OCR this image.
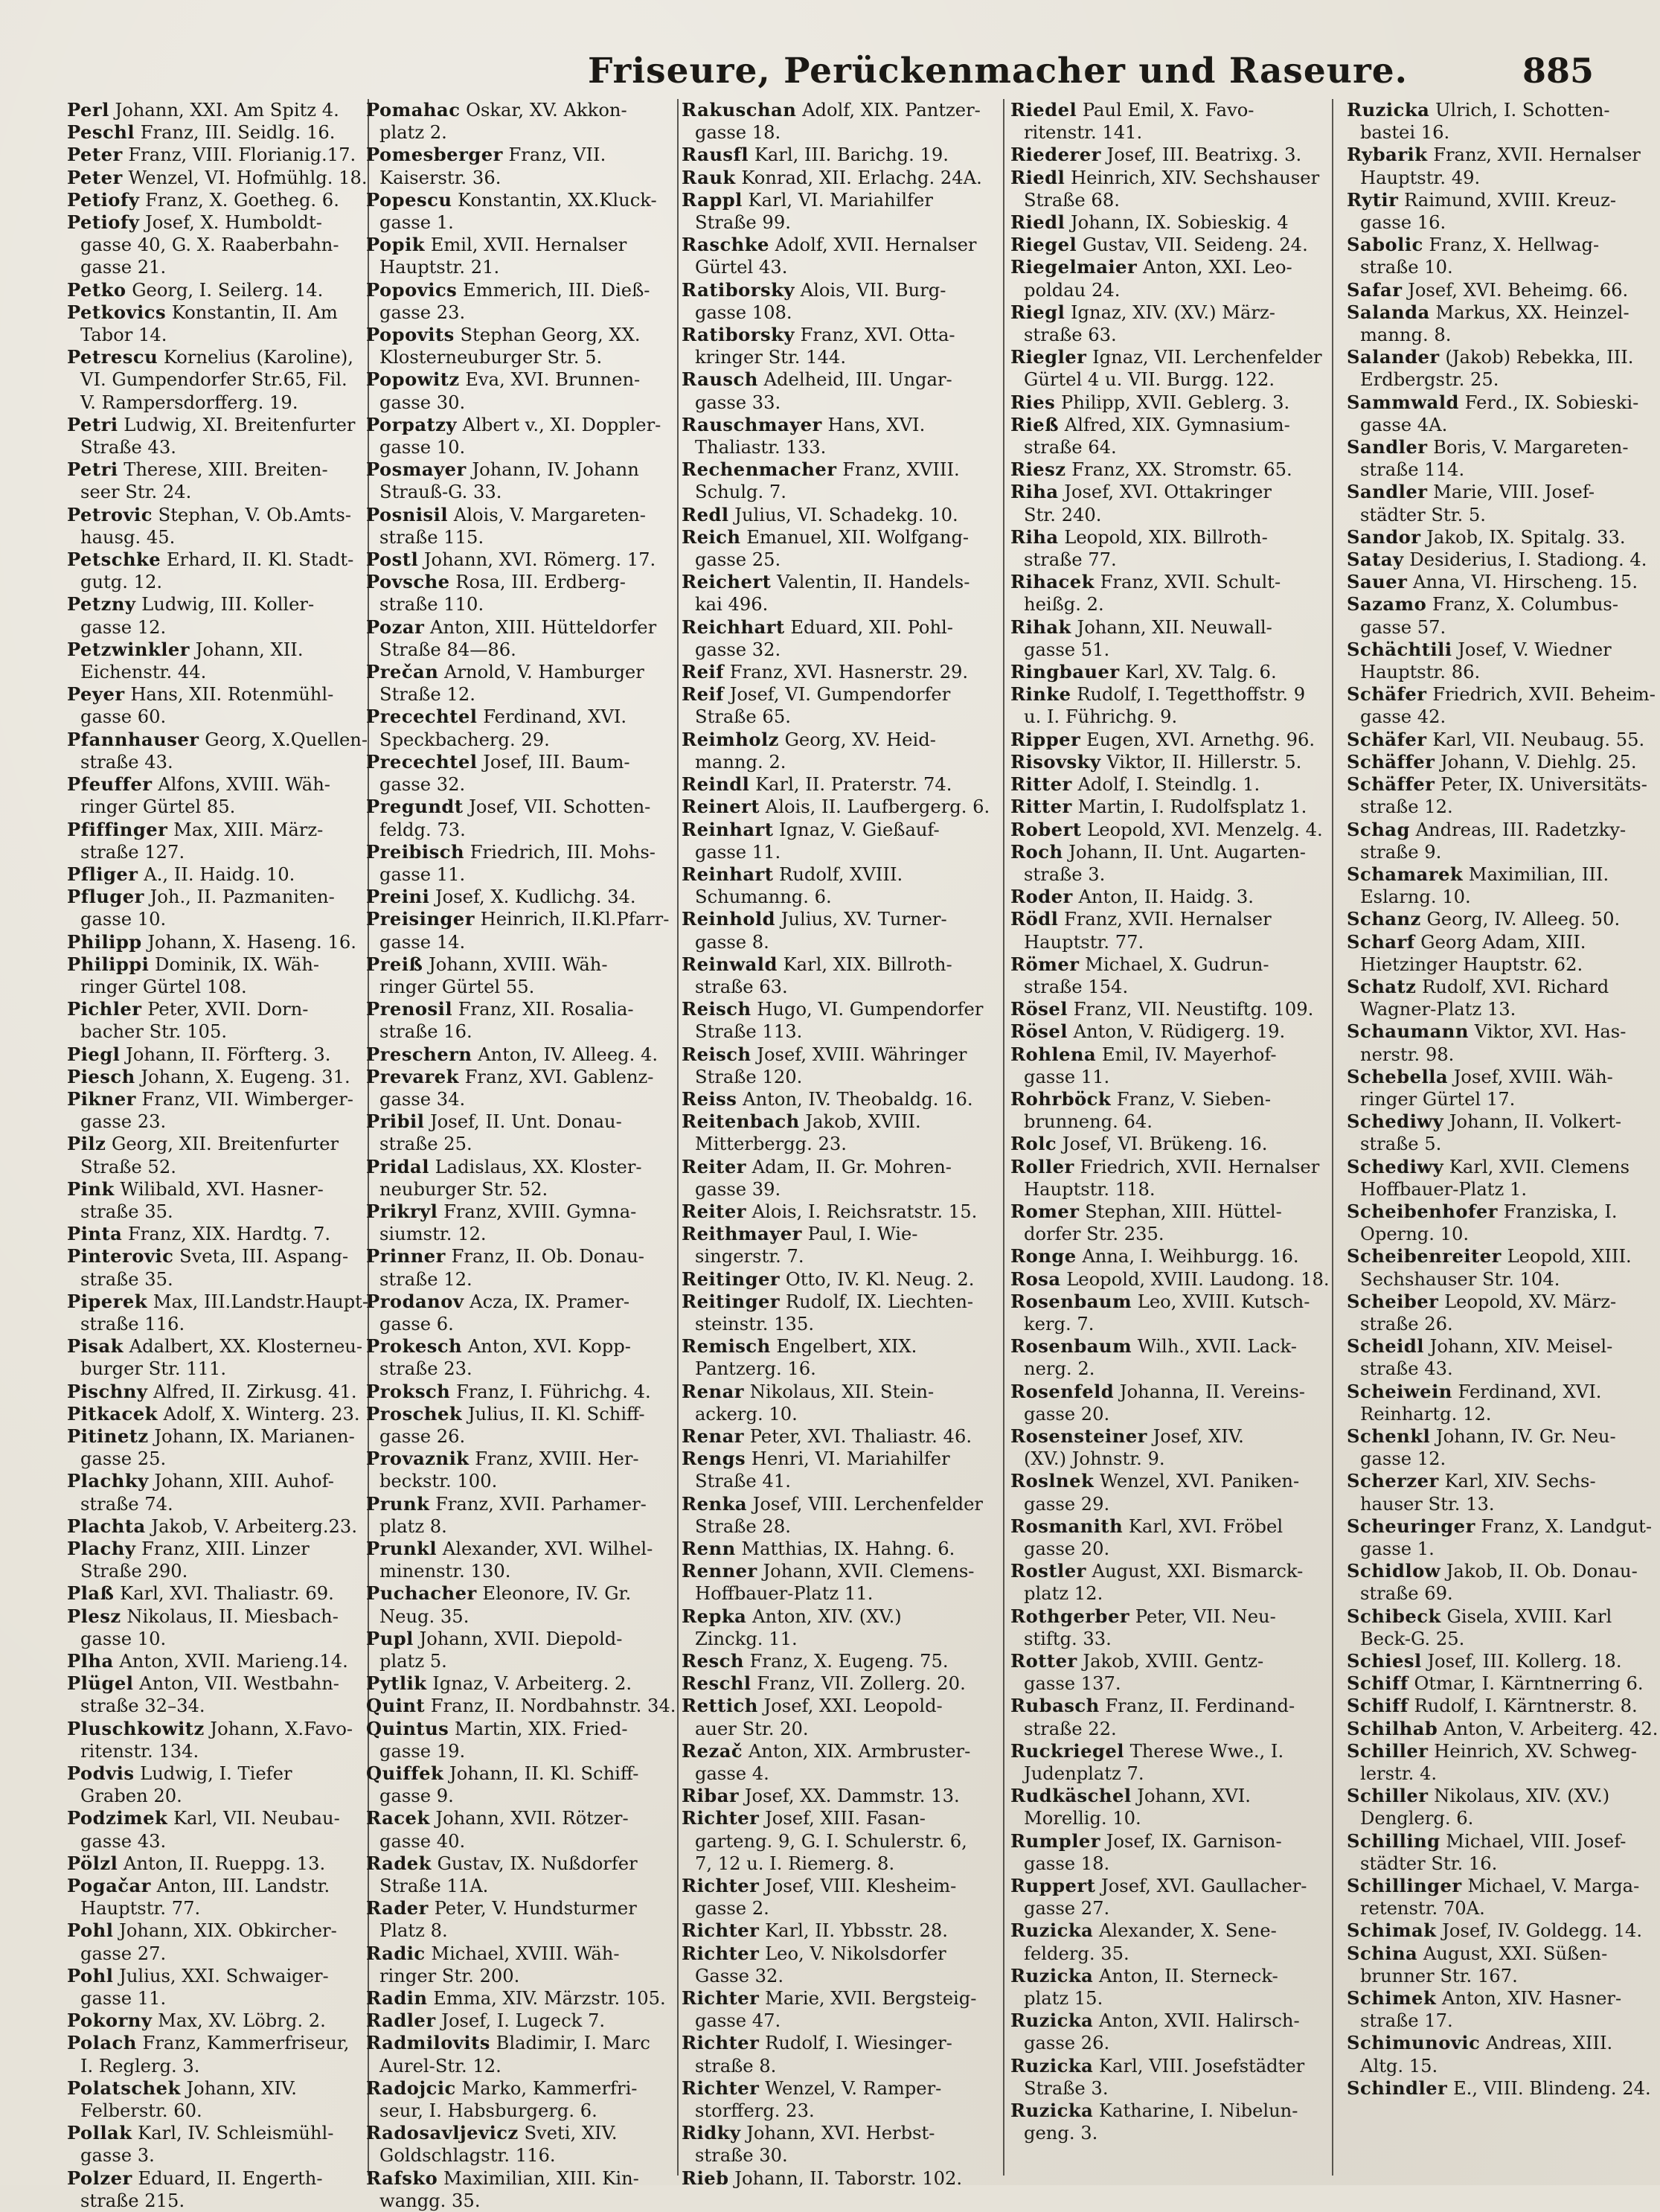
Friseure, Perückenmacher und Raseure.	885
Perl Johann, XXI. Am Spitz 4.
Peschl Franz, III. Seidlg. 16.
Peter Franz, VIII. Florianig.17.
Peter Wenzel, VI. Hofmühlg. 18.
Petiofy Franz, X. Goetheg. 6.
Petiofy Josef, X. Humboldt-
gasse 40, G. X. Raaberbahn-
gasse 21.
Petko Georg, I. Seilerg. 14.
Petkovics Konstantin, II. Am
Tabor 14.
Petrescu Kornelius (Karoline),
VI. Gumpendorfer Str.65, Fil.
V. Rampersdorfferg. 19.
Petri Ludwig, XI. Breitenfurter
Straße 43.
Petri Therese, XIII. Breiten-
seer Str. 24.
Petrovic Stephan, V. Ob.Amts-
hausg. 45.
Petschke Erhard, II. Kl. Stadt-
gutg. 12.
Petzny Ludwig, III. Koller-
gasse 12.
Petzwinkler Johann, XII.
Eichenstr. 44.
Peyer Hans, XII. Rotenmühl-
gasse 60.
Pfannhauser Georg, X.Quellen-
straße 43.
Pfeuffer Alfons, XVIII. Wäh-
ringer Gürtel 85.
Pfiffinger Max, XIII. März-
straße 127.
Pfliger A., II. Haidg. 10.
Pfluger Joh., II. Pazmaniten-
gasse 10.
Philipp Johann, X. Haseng. 16.
Philippi Dominik, IX. Wäh-
ringer Gürtel 108.
Pichler Peter, XVII. Dorn-
bacher Str. 105.
Piegl Johann, II. Förfterg. 3.
Piesch Johann, X. Eugeng. 31.
Pikner Franz, VII. Wimberger-
gasse 23.
Pilz Georg, XII. Breitenfurter
Straße 52.
Pink Wilibald, XVI. Hasner-
straße 35.
Pinta Franz, XIX. Hardtg. 7.
Pinterovic Sveta, III. Aspang-
straße 35.
Piperek Max, III.Landstr.Haupt-
straße 116.
Pisak Adalbert, XX. Klosterneu-
burger Str. 111.
Pischny Alfred, II. Zirkusg. 41.
Pitkacek Adolf, X. Winterg. 23.
Pitinetz Johann, IX. Marianen-
gasse 25.
Plachky Johann, XIII. Auhof-
straße 74.
Plachta Jakob, V. Arbeiterg.23.
Plachy Franz, XIII. Linzer
Straße 290.
Plaß Karl, XVI. Thaliastr. 69.
Plesz Nikolaus, II. Miesbach-
gasse 10.
Plha Anton, XVII. Marieng.14.
Plügel Anton, VII. Westbahn-
straße 32–34.
Pluschkowitz Johann, X.Favo-
ritenstr. 134.
Podvis Ludwig, I. Tiefer
Graben 20.
Podzimek Karl, VII. Neubau-
gasse 43.
Pölzl Anton, II. Rueppg. 13.
Pogačar Anton, III. Landstr.
Hauptstr. 77.
Pohl Johann, XIX. Obkircher-
gasse 27.
Pohl Julius, XXI. Schwaiger-
gasse 11.
Pokorny Max, XV. Löbrg. 2.
Polach Franz, Kammerfriseur,
I. Reglerg. 3.
Polatschek Johann, XIV.
Felberstr. 60.
Pollak Karl, IV. Schleismühl-
gasse 3.
Polzer Eduard, II. Engerth-
straße 215.
Pomahac Oskar, XV. Akkon-
platz 2.
Pomesberger Franz, VII.
Kaiserstr. 36.
Popescu Konstantin, XX.Kluck-
gasse 1.
Popik Emil, XVII. Hernalser
Hauptstr. 21.
Popovics Emmerich, III. Dieß-
gasse 23.
Popovits Stephan Georg, XX.
Klosterneuburger Str. 5.
Popowitz Eva, XVI. Brunnen-
gasse 30.
Porpatzy Albert v., XI. Doppler-
gasse 10.
Posmayer Johann, IV. Johann
Strauß-G. 33.
Posnisil Alois, V. Margareten-
straße 115.
Postl Johann, XVI. Römerg. 17.
Povsche Rosa, III. Erdberg-
straße 110.
Pozar Anton, XIII. Hütteldorfer
Straße 84—86.
Prečan Arnold, V. Hamburger
Straße 12.
Precechtel Ferdinand, XVI.
Speckbacherg. 29.
Precechtel Josef, III. Baum-
gasse 32.
Pregundt Josef, VII. Schotten-
feldg. 73.
Preibisch Friedrich, III. Mohs-
gasse 11.
Preini Josef, X. Kudlichg. 34.
Preisinger Heinrich, II.Kl.Pfarr-
gasse 14.
Preiß Johann, XVIII. Wäh-
ringer Gürtel 55.
Prenosil Franz, XII. Rosalia-
straße 16.
Preschern Anton, IV. Alleeg. 4.
Prevarek Franz, XVI. Gablenz-
gasse 34.
Pribil Josef, II. Unt. Donau-
straße 25.
Pridal Ladislaus, XX. Kloster-
neuburger Str. 52.
Prikryl Franz, XVIII. Gymna-
siumstr. 12.
Prinner Franz, II. Ob. Donau-
straße 12.
Prodanov Acza, IX. Pramer-
gasse 6.
Prokesch Anton, XVI. Kopp-
straße 23.
Proksch Franz, I. Führichg. 4.
Proschek Julius, II. Kl. Schiff-
gasse 26.
Provaznik Franz, XVIII. Her-
beckstr. 100.
Prunk Franz, XVII. Parhamer-
platz 8.
Prunkl Alexander, XVI. Wilhel-
minenstr. 130.
Puchacher Eleonore, IV. Gr.
Neug. 35.
Pupl Johann, XVII. Diepold-
platz 5.
Pytlik Ignaz, V. Arbeiterg. 2.
Quint Franz, II. Nordbahnstr. 34.
Quintus Martin, XIX. Fried-
gasse 19.
Quiffek Johann, II. Kl. Schiff-
gasse 9.
Racek Johann, XVII. Rötzer-
gasse 40.
Radek Gustav, IX. Nußdorfer
Straße 11A.
Rader Peter, V. Hundsturmer
Platz 8.
Radic Michael, XVIII. Wäh-
ringer Str. 200.
Radin Emma, XIV. Märzstr. 105.
Radler Josef, I. Lugeck 7.
Radmilovits Bladimir, I. Marc
Aurel-Str. 12.
Radojcic Marko, Kammerfri-
seur, I. Habsburgerg. 6.
Radosavljevicz Sveti, XIV.
Goldschlagstr. 116.
Rafsko Maximilian, XIII. Kin-
wangg. 35.
Rakuschan Adolf, XIX. Pantzer-
gasse 18.
Rausfl Karl, III. Barichg. 19.
Rauk Konrad, XII. Erlachg. 24A.
Rappl Karl, VI. Mariahilfer
Straße 99.
Raschke Adolf, XVII. Hernalser
Gürtel 43.
Ratiborsky Alois, VII. Burg-
gasse 108.
Ratiborsky Franz, XVI. Otta-
kringer Str. 144.
Rausch Adelheid, III. Ungar-
gasse 33.
Rauschmayer Hans, XVI.
Thaliastr. 133.
Rechenmacher Franz, XVIII.
Schulg. 7.
Redl Julius, VI. Schadekg. 10.
Reich Emanuel, XII. Wolfgang-
gasse 25.
Reichert Valentin, II. Handels-
kai 496.
Reichhart Eduard, XII. Pohl-
gasse 32.
Reif Franz, XVI. Hasnerstr. 29.
Reif Josef, VI. Gumpendorfer
Straße 65.
Reimholz Georg, XV. Heid-
manng. 2.
Reindl Karl, II. Praterstr. 74.
Reinert Alois, II. Laufbergerg. 6.
Reinhart Ignaz, V. Gießauf-
gasse 11.
Reinhart Rudolf, XVIII.
Schumanng. 6.
Reinhold Julius, XV. Turner-
gasse 8.
Reinwald Karl, XIX. Billroth-
straße 63.
Reisch Hugo, VI. Gumpendorfer
Straße 113.
Reisch Josef, XVIII. Währinger
Straße 120.
Reiss Anton, IV. Theobaldg. 16.
Reitenbach Jakob, XVIII.
Mitterbergg. 23.
Reiter Adam, II. Gr. Mohren-
gasse 39.
Reiter Alois, I. Reichsratstr. 15.
Reithmayer Paul, I. Wie-
singerstr. 7.
Reitinger Otto, IV. Kl. Neug. 2.
Reitinger Rudolf, IX. Liechten-
steinstr. 135.
Remisch Engelbert, XIX.
Pantzerg. 16.
Renar Nikolaus, XII. Stein-
ackerg. 10.
Renar Peter, XVI. Thaliastr. 46.
Rengs Henri, VI. Mariahilfer
Straße 41.
Renka Josef, VIII. Lerchenfelder
Straße 28.
Renn Matthias, IX. Hahng. 6.
Renner Johann, XVII. Clemens-
Hoffbauer-Platz 11.
Repka Anton, XIV. (XV.)
Zinckg. 11.
Resch Franz, X. Eugeng. 75.
Reschl Franz, VII. Zollerg. 20.
Rettich Josef, XXI. Leopold-
auer Str. 20.
Rezač Anton, XIX. Armbruster-
gasse 4.
Ribar Josef, XX. Dammstr. 13.
Richter Josef, XIII. Fasan-
garteng. 9, G. I. Schulerstr. 6,
7, 12 u. I. Riemerg. 8.
Richter Josef, VIII. Klesheim-
gasse 2.
Richter Karl, II. Ybbsstr. 28.
Richter Leo, V. Nikolsdorfer
Gasse 32.
Richter Marie, XVII. Bergsteig-
gasse 47.
Richter Rudolf, I. Wiesinger-
straße 8.
Richter Wenzel, V. Ramper-
storfferg. 23.
Ridky Johann, XVI. Herbst-
straße 30.
Rieb Johann, II. Taborstr. 102.
Riedel Paul Emil, X. Favo-
ritenstr. 141.
Riederer Josef, III. Beatrixg. 3.
Riedl Heinrich, XIV. Sechshauser
Straße 68.
Riedl Johann, IX. Sobieskig. 4
Riegel Gustav, VII. Seideng. 24.
Riegelmaier Anton, XXI. Leo-
poldau 24.
Riegl Ignaz, XIV. (XV.) März-
straße 63.
Riegler Ignaz, VII. Lerchenfelder
Gürtel 4 u. VII. Burgg. 122.
Ries Philipp, XVII. Geblerg. 3.
Rieß Alfred, XIX. Gymnasium-
straße 64.
Riesz Franz, XX. Stromstr. 65.
Riha Josef, XVI. Ottakringer
Str. 240.
Riha Leopold, XIX. Billroth-
straße 77.
Rihacek Franz, XVII. Schult-
heißg. 2.
Rihak Johann, XII. Neuwall-
gasse 51.
Ringbauer Karl, XV. Talg. 6.
Rinke Rudolf, I. Tegetthoffstr. 9
u. I. Führichg. 9.
Ripper Eugen, XVI. Arnethg. 96.
Risovsky Viktor, II. Hillerstr. 5.
Ritter Adolf, I. Steindlg. 1.
Ritter Martin, I. Rudolfsplatz 1.
Robert Leopold, XVI. Menzelg. 4.
Roch Johann, II. Unt. Augarten-
straße 3.
Roder Anton, II. Haidg. 3.
Rödl Franz, XVII. Hernalser
Hauptstr. 77.
Römer Michael, X. Gudrun-
straße 154.
Rösel Franz, VII. Neustiftg. 109.
Rösel Anton, V. Rüdigerg. 19.
Rohlena Emil, IV. Mayerhof-
gasse 11.
Rohrböck Franz, V. Sieben-
brunneng. 64.
Rolc Josef, VI. Brükeng. 16.
Roller Friedrich, XVII. Hernalser
Hauptstr. 118.
Romer Stephan, XIII. Hüttel-
dorfer Str. 235.
Ronge Anna, I. Weihburgg. 16.
Rosa Leopold, XVIII. Laudong. 18.
Rosenbaum Leo, XVIII. Kutsch-
kerg. 7.
Rosenbaum Wilh., XVII. Lack-
nerg. 2.
Rosenfeld Johanna, II. Vereins-
gasse 20.
Rosensteiner Josef, XIV.
(XV.) Johnstr. 9.
Roslnek Wenzel, XVI. Paniken-
gasse 29.
Rosmanith Karl, XVI. Fröbel
gasse 20.
Rostler August, XXI. Bismarck-
platz 12.
Rothgerber Peter, VII. Neu-
stiftg. 33.
Rotter Jakob, XVIII. Gentz-
gasse 137.
Rubasch Franz, II. Ferdinand-
straße 22.
Ruckriegel Therese Wwe., I.
Judenplatz 7.
Rudkäschel Johann, XVI.
Morellig. 10.
Rumpler Josef, IX. Garnison-
gasse 18.
Ruppert Josef, XVI. Gaullacher-
gasse 27.
Ruzicka Alexander, X. Sene-
felderg. 35.
Ruzicka Anton, II. Sterneck-
platz 15.
Ruzicka Anton, XVII. Halirsch-
gasse 26.
Ruzicka Karl, VIII. Josefstädter
Straße 3.
Ruzicka Katharine, I. Nibelun-
geng. 3.
Ruzicka Ulrich, I. Schotten-
bastei 16.
Rybarik Franz, XVII. Hernalser
Hauptstr. 49.
Rytir Raimund, XVIII. Kreuz-
gasse 16.
Sabolic Franz, X. Hellwag-
straße 10.
Safar Josef, XVI. Beheimg. 66.
Salanda Markus, XX. Heinzel-
manng. 8.
Salander (Jakob) Rebekka, III.
Erdbergstr. 25.
Sammwald Ferd., IX. Sobieski-
gasse 4A.
Sandler Boris, V. Margareten-
straße 114.
Sandler Marie, VIII. Josef-
städter Str. 5.
Sandor Jakob, IX. Spitalg. 33.
Satay Desiderius, I. Stadiong. 4.
Sauer Anna, VI. Hirscheng. 15.
Sazamo Franz, X. Columbus-
gasse 57.
Schächtili Josef, V. Wiedner
Hauptstr. 86.
Schäfer Friedrich, XVII. Beheim-
gasse 42.
Schäfer Karl, VII. Neubaug. 55.
Schäffer Johann, V. Diehlg. 25.
Schäffer Peter, IX. Universitäts-
straße 12.
Schag Andreas, III. Radetzky-
straße 9.
Schamarek Maximilian, III.
Eslarng. 10.
Schanz Georg, IV. Alleeg. 50.
Scharf Georg Adam, XIII.
Hietzinger Hauptstr. 62.
Schatz Rudolf, XVI. Richard
Wagner-Platz 13.
Schaumann Viktor, XVI. Has-
nerstr. 98.
Schebella Josef, XVIII. Wäh-
ringer Gürtel 17.
Schediwy Johann, II. Volkert-
straße 5.
Schediwy Karl, XVII. Clemens
Hoffbauer-Platz 1.
Scheibenhofer Franziska, I.
Operng. 10.
Scheibenreiter Leopold, XIII.
Sechshauser Str. 104.
Scheiber Leopold, XV. März-
straße 26.
Scheidl Johann, XIV. Meisel-
straße 43.
Scheiwein Ferdinand, XVI.
Reinhartg. 12.
Schenkl Johann, IV. Gr. Neu-
gasse 12.
Scherzer Karl, XIV. Sechs-
hauser Str. 13.
Scheuringer Franz, X. Landgut-
gasse 1.
Schidlow Jakob, II. Ob. Donau-
straße 69.
Schibeck Gisela, XVIII. Karl
Beck-G. 25.
Schiesl Josef, III. Kollerg. 18.
Schiff Otmar, I. Kärntnerring 6.
Schiff Rudolf, I. Kärntnerstr. 8.
Schilhab Anton, V. Arbeiterg. 42.
Schiller Heinrich, XV. Schweg-
lerstr. 4.
Schiller Nikolaus, XIV. (XV.)
Denglerg. 6.
Schilling Michael, VIII. Josef-
städter Str. 16.
Schillinger Michael, V. Marga-
retenstr. 70A.
Schimak Josef, IV. Goldegg. 14.
Schina August, XXI. Süßen-
brunner Str. 167.
Schimek Anton, XIV. Hasner-
straße 17.
Schimunovic Andreas, XIII.
Altg. 15.
Schindler E., VIII. Blindeng. 24.
